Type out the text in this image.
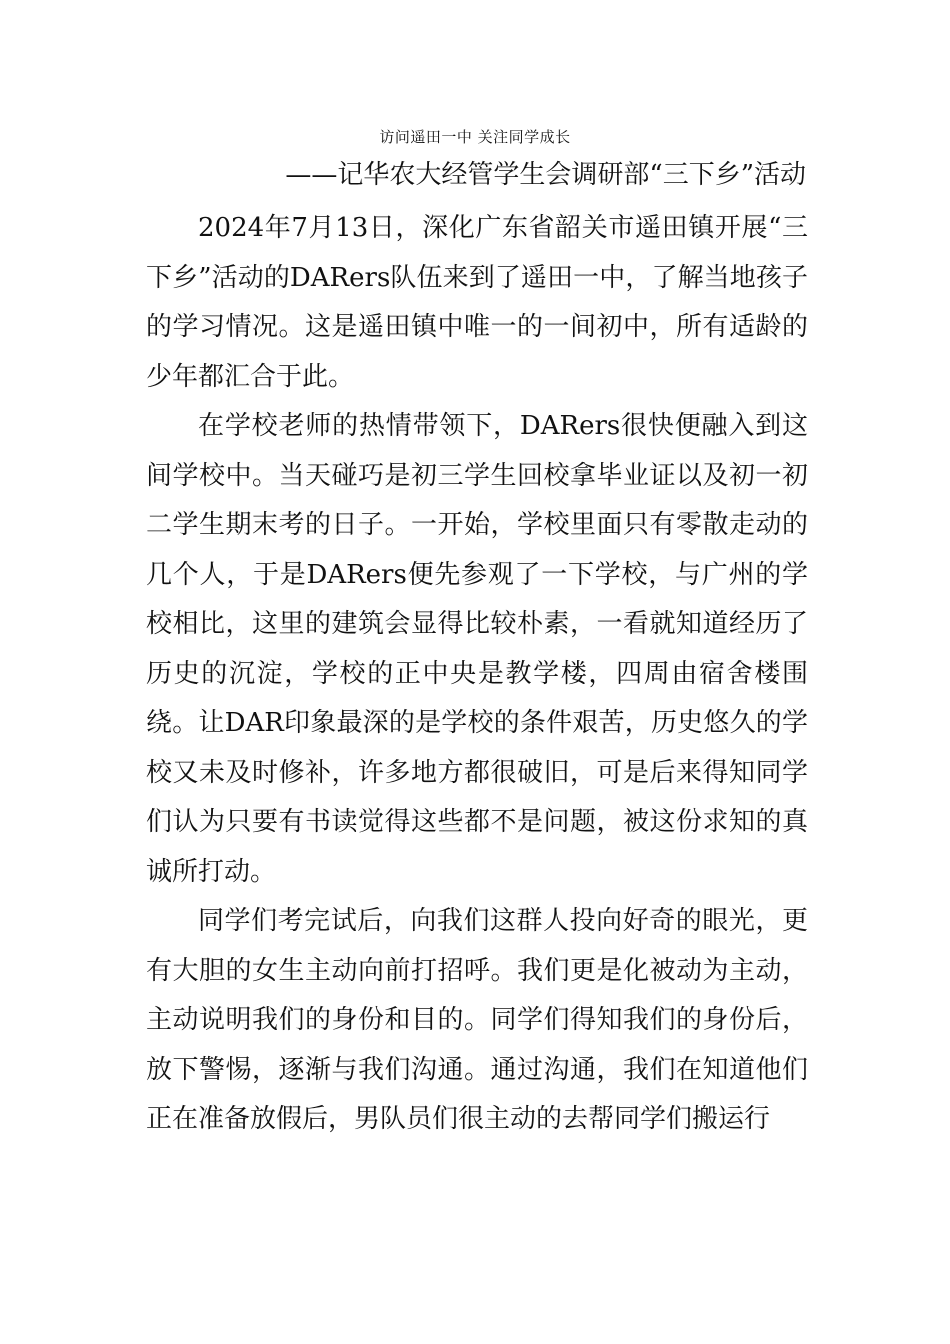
访问遥田一中 关注同学成长
——记华农大经管学生会调研部“三下乡”活动

2024年7月13日，深化广东省韶关市遥田镇开展“三下乡”活动的DARers队伍来到了遥田一中，了解当地孩子的学习情况。这是遥田镇中唯一的一间初中，所有适龄的少年都汇合于此。

在学校老师的热情带领下，DARers很快便融入到这间学校中。当天碰巧是初三学生回校拿毕业证以及初一初二学生期末考的日子。一开始，学校里面只有零散走动的几个人，于是DARers便先参观了一下学校，与广州的学校相比，这里的建筑会显得比较朴素，一看就知道经历了历史的沉淀，学校的正中央是教学楼，四周由宿舍楼围绕。让DAR印象最深的是学校的条件艰苦，历史悠久的学校又未及时修补，许多地方都很破旧，可是后来得知同学们认为只要有书读觉得这些都不是问题，被这份求知的真诚所打动。

同学们考完试后，向我们这群人投向好奇的眼光，更有大胆的女生主动向前打招呼。我们更是化被动为主动，主动说明我们的身份和目的。同学们得知我们的身份后，放下警惕，逐渐与我们沟通。通过沟通，我们在知道他们正在准备放假后，男队员们很主动的去帮同学们搬运行
